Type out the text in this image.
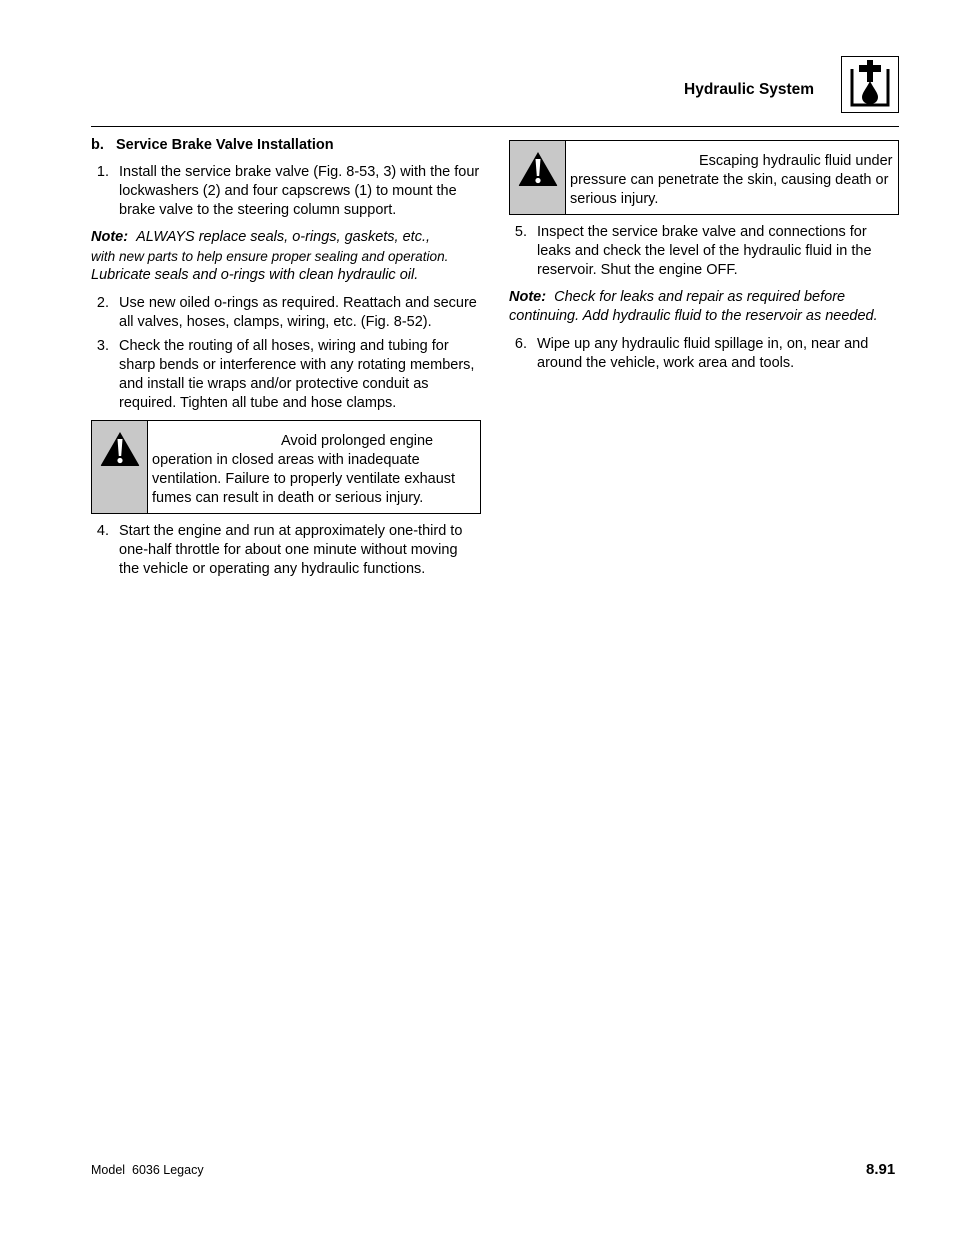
Hydraulic System
b.   Service Brake Valve Installation
1. Install the service brake valve (Fig. 8-53, 3) with the four lockwashers (2) and four capscrews (1) to mount the brake valve to the steering column support.
Note: ALWAYS replace seals, o-rings, gaskets, etc.,
with new parts to help ensure proper sealing and operation.
Lubricate seals and o-rings with clean hydraulic oil.
2. Use new oiled o-rings as required. Reattach and secure all valves, hoses, clamps, wiring, etc. (Fig. 8-52).
3. Check the routing of all hoses, wiring and tubing for sharp bends or interference with any rotating members, and install tie wraps and/or protective conduit as required. Tighten all tube and hose clamps.
Avoid prolonged engine operation in closed areas with inadequate ventilation. Failure to properly ventilate exhaust fumes can result in death or serious injury.
4. Start the engine and run at approximately one-third to one-half throttle for about one minute without moving the vehicle or operating any hydraulic functions.
Escaping hydraulic fluid under pressure can penetrate the skin, causing death or serious injury.
5. Inspect the service brake valve and connections for leaks and check the level of the hydraulic fluid in the reservoir. Shut the engine OFF.
Note: Check for leaks and repair as required before continuing. Add hydraulic fluid to the reservoir as needed.
6. Wipe up any hydraulic fluid spillage in, on, near and around the vehicle, work area and tools.
Model  6036 Legacy	8.91
